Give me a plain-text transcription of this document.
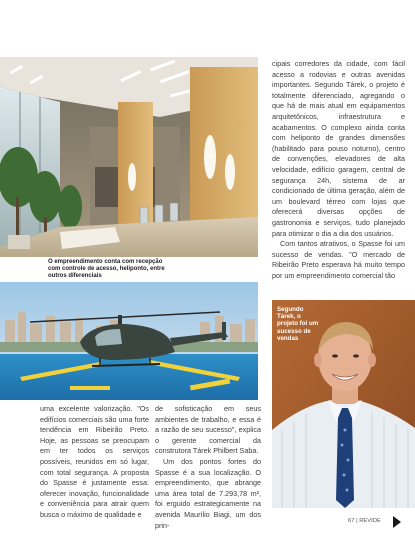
O empreendimento conta com recepção com controle de acesso, heliponto, entre outros diferenciais

cipais corredores da cidade, com fácil acesso a rodovias e outras avenidas importantes. Segundo Tárek, o projeto é totalmente diferenciado, agregando o que há de mais atual em equipamentos arquitetônicos, infraestrutura e acabamentos. O complexo ainda conta com heliponto de grandes dimensões (habilitado para pouso noturno), centro de convenções, elevadores de alta velocidade, edifício garagem, central de segurança 24h, sistema de ar condicionado de última geração, além de um boulevard térreo com lojas que oferecerá diversas opções de gastronomia e serviços, tudo planejado para otimizar o dia a dia dos usuários.

Com tantos atrativos, o Spasse foi um sucesso de vendas. "O mercado de Ribeirão Preto esperava há muito tempo por um empreendimento comercial tão

Segundo Tárek, o projeto foi um sucesso de vendas

uma excelente valorização. "Os edifícios comerciais são uma forte tendência em Ribeirão Preto. Hoje, as pessoas se preocupam em ter todos os serviços possíveis, reunidos em só lugar, com total segurança. A proposta do Spasse é justamente essa: oferecer inovação, funcionalidade e conveniência para atrair quem busca o máximo de qualidade e

de sofisticação em seus ambientes de trabalho, e essa é a razão de seu sucesso", explica o gerente comercial da construtora Tárek Philbert Saba.

Um dos pontos fortes do Spasse é a sua localização. O empreendimento, que abrange uma área total de 7.293,78 m², foi erguido estrategicamente na avenida Maurílio Biagi, um dos prin-	67 | REVIDE
